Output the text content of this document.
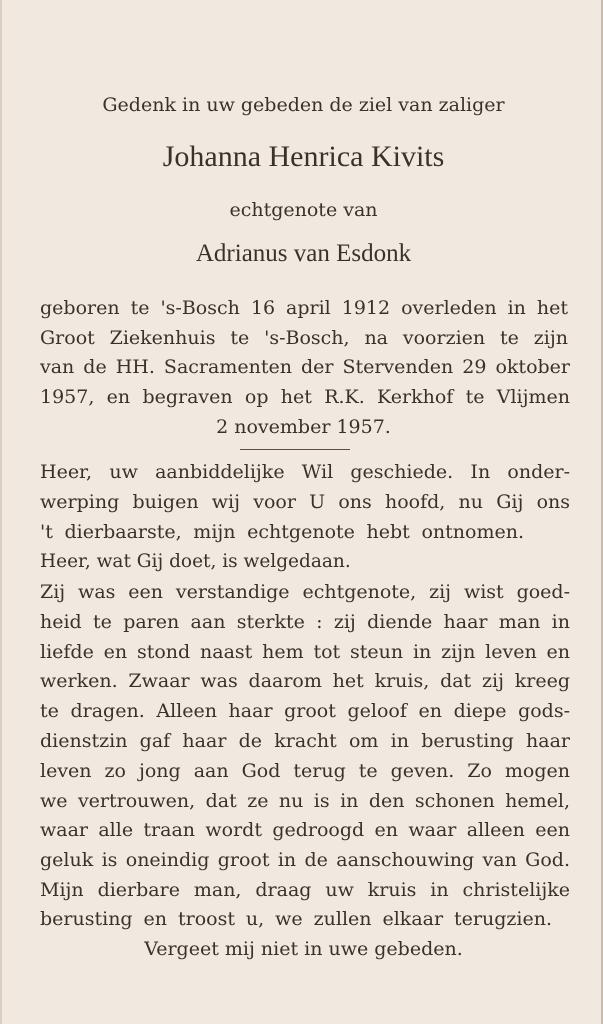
Gedenk in uw gebeden de ziel van zaliger
Johanna Henrica Kivits
echtgenote van
Adrianus van Esdonk
geboren te 's-Bosch 16 april 1912 overleden in het
Groot Ziekenhuis te 's-Bosch, na voorzien te zijn
van de HH. Sacramenten der Stervenden 29 oktober
1957, en begraven op het R.K. Kerkhof te Vlijmen
2 november 1957.
Heer, uw aanbiddelijke Wil geschiede. In onder-
werping buigen wij voor U ons hoofd, nu Gij ons
't dierbaarste, mijn echtgenote hebt ontnomen.
Heer, wat Gij doet, is welgedaan.
Zij was een verstandige echtgenote, zij wist goed-
heid te paren aan sterkte : zij diende haar man in
liefde en stond naast hem tot steun in zijn leven en
werken. Zwaar was daarom het kruis, dat zij kreeg
te dragen. Alleen haar groot geloof en diepe gods-
dienstzin gaf haar de kracht om in berusting haar
leven zo jong aan God terug te geven. Zo mogen
we vertrouwen, dat ze nu is in den schonen hemel,
waar alle traan wordt gedroogd en waar alleen een
geluk is oneindig groot in de aanschouwing van God.
Mijn dierbare man, draag uw kruis in christelijke
berusting en troost u, we zullen elkaar terugzien.
Vergeet mij niet in uwe gebeden.
